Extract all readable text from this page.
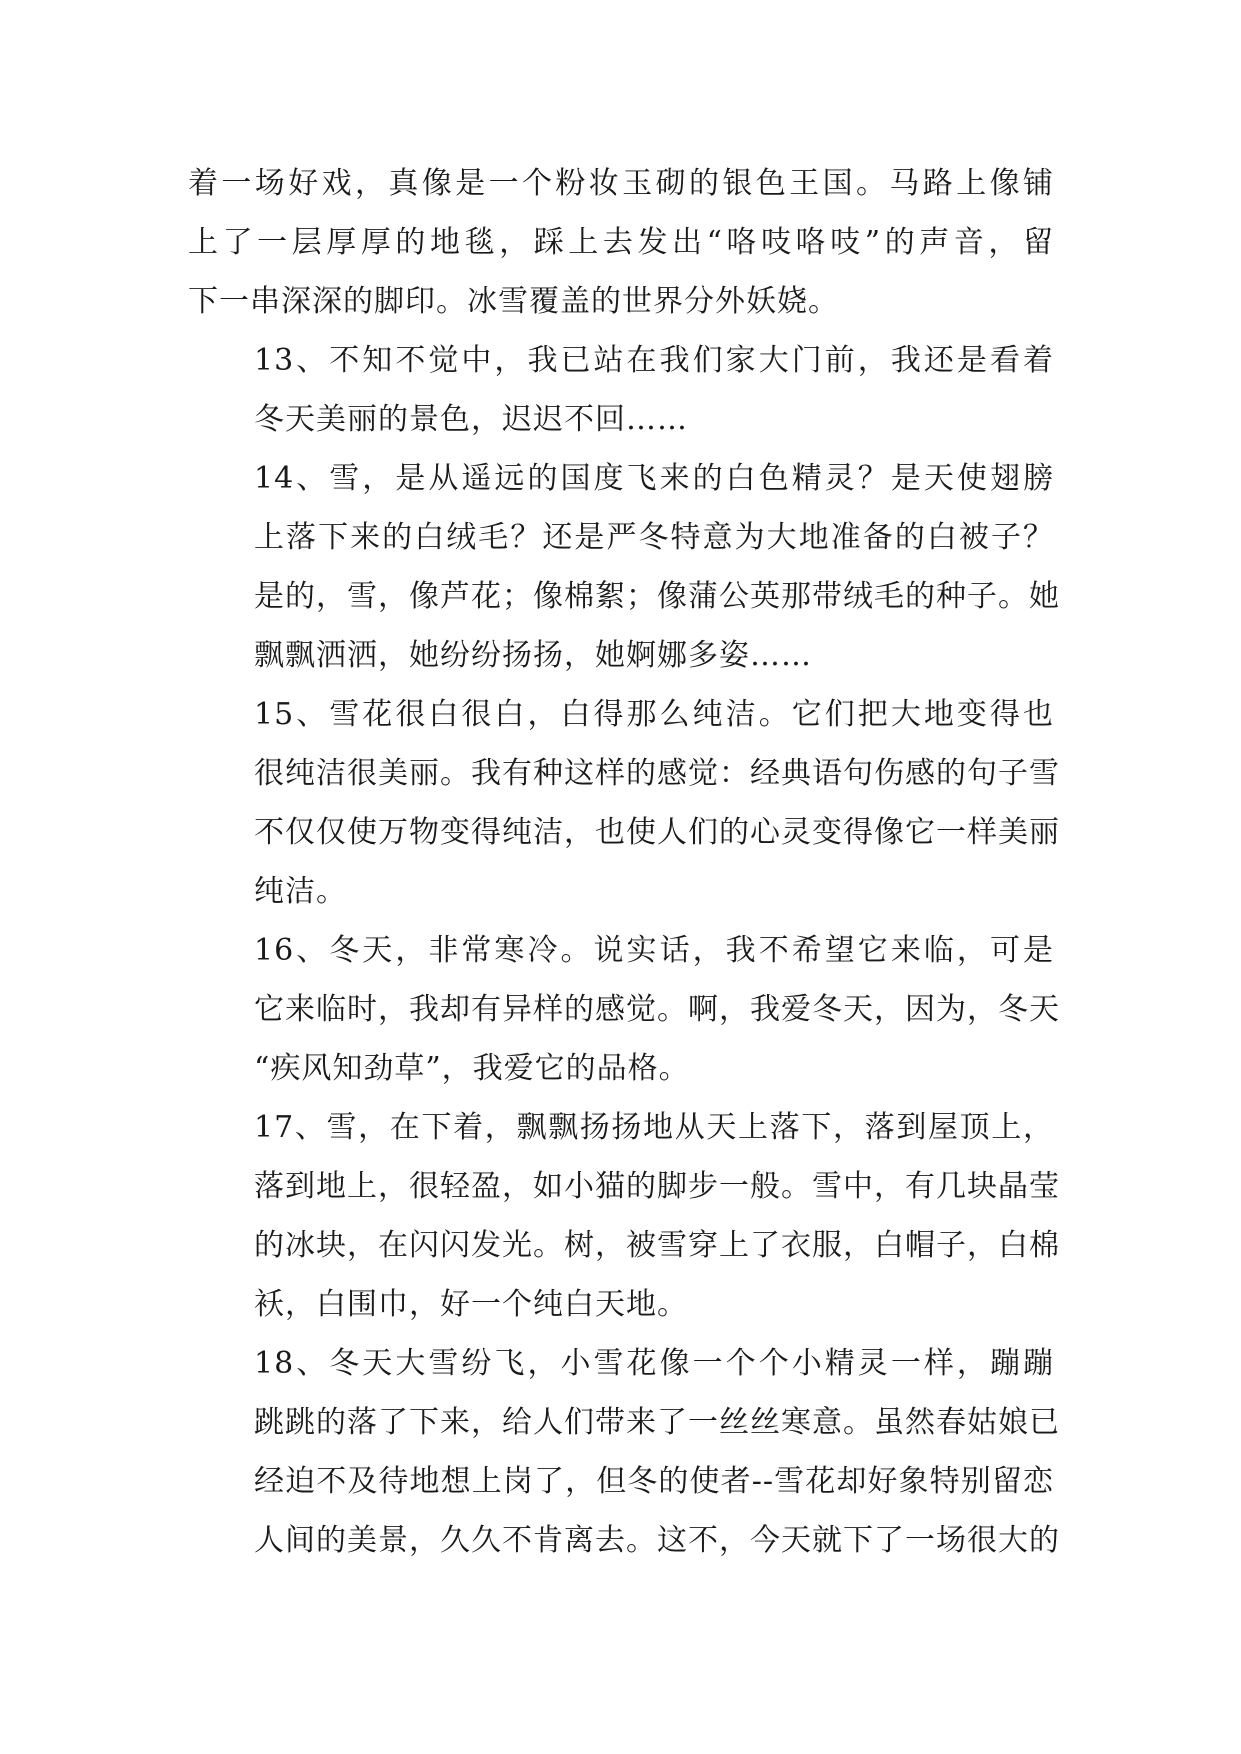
着一场好戏，真像是一个粉妆玉砌的银色王国。马路上像铺
上了一层厚厚的地毯，踩上去发出“咯吱咯吱”的声音，留
下一串深深的脚印。冰雪覆盖的世界分外妖娆。

13、不知不觉中，我已站在我们家大门前，我还是看着
冬天美丽的景色，迟迟不回……

14、雪，是从遥远的国度飞来的白色精灵？是天使翅膀
上落下来的白绒毛？还是严冬特意为大地准备的白被子？
是的，雪，像芦花；像棉絮；像蒲公英那带绒毛的种子。她
飘飘洒洒，她纷纷扬扬，她婀娜多姿……

15、雪花很白很白，白得那么纯洁。它们把大地变得也
很纯洁很美丽。我有种这样的感觉：经典语句伤感的句子雪
不仅仅使万物变得纯洁，也使人们的心灵变得像它一样美丽
纯洁。

16、冬天，非常寒冷。说实话，我不希望它来临，可是
它来临时，我却有异样的感觉。啊，我爱冬天，因为，冬天
“疾风知劲草”，我爱它的品格。

17、雪，在下着，飘飘扬扬地从天上落下，落到屋顶上，
落到地上，很轻盈，如小猫的脚步一般。雪中，有几块晶莹
的冰块，在闪闪发光。树，被雪穿上了衣服，白帽子，白棉
袄，白围巾，好一个纯白天地。

18、冬天大雪纷飞，小雪花像一个个小精灵一样，蹦蹦
跳跳的落了下来，给人们带来了一丝丝寒意。虽然春姑娘已
经迫不及待地想上岗了，但冬的使者--雪花却好象特别留恋
人间的美景，久久不肯离去。这不，今天就下了一场很大的
